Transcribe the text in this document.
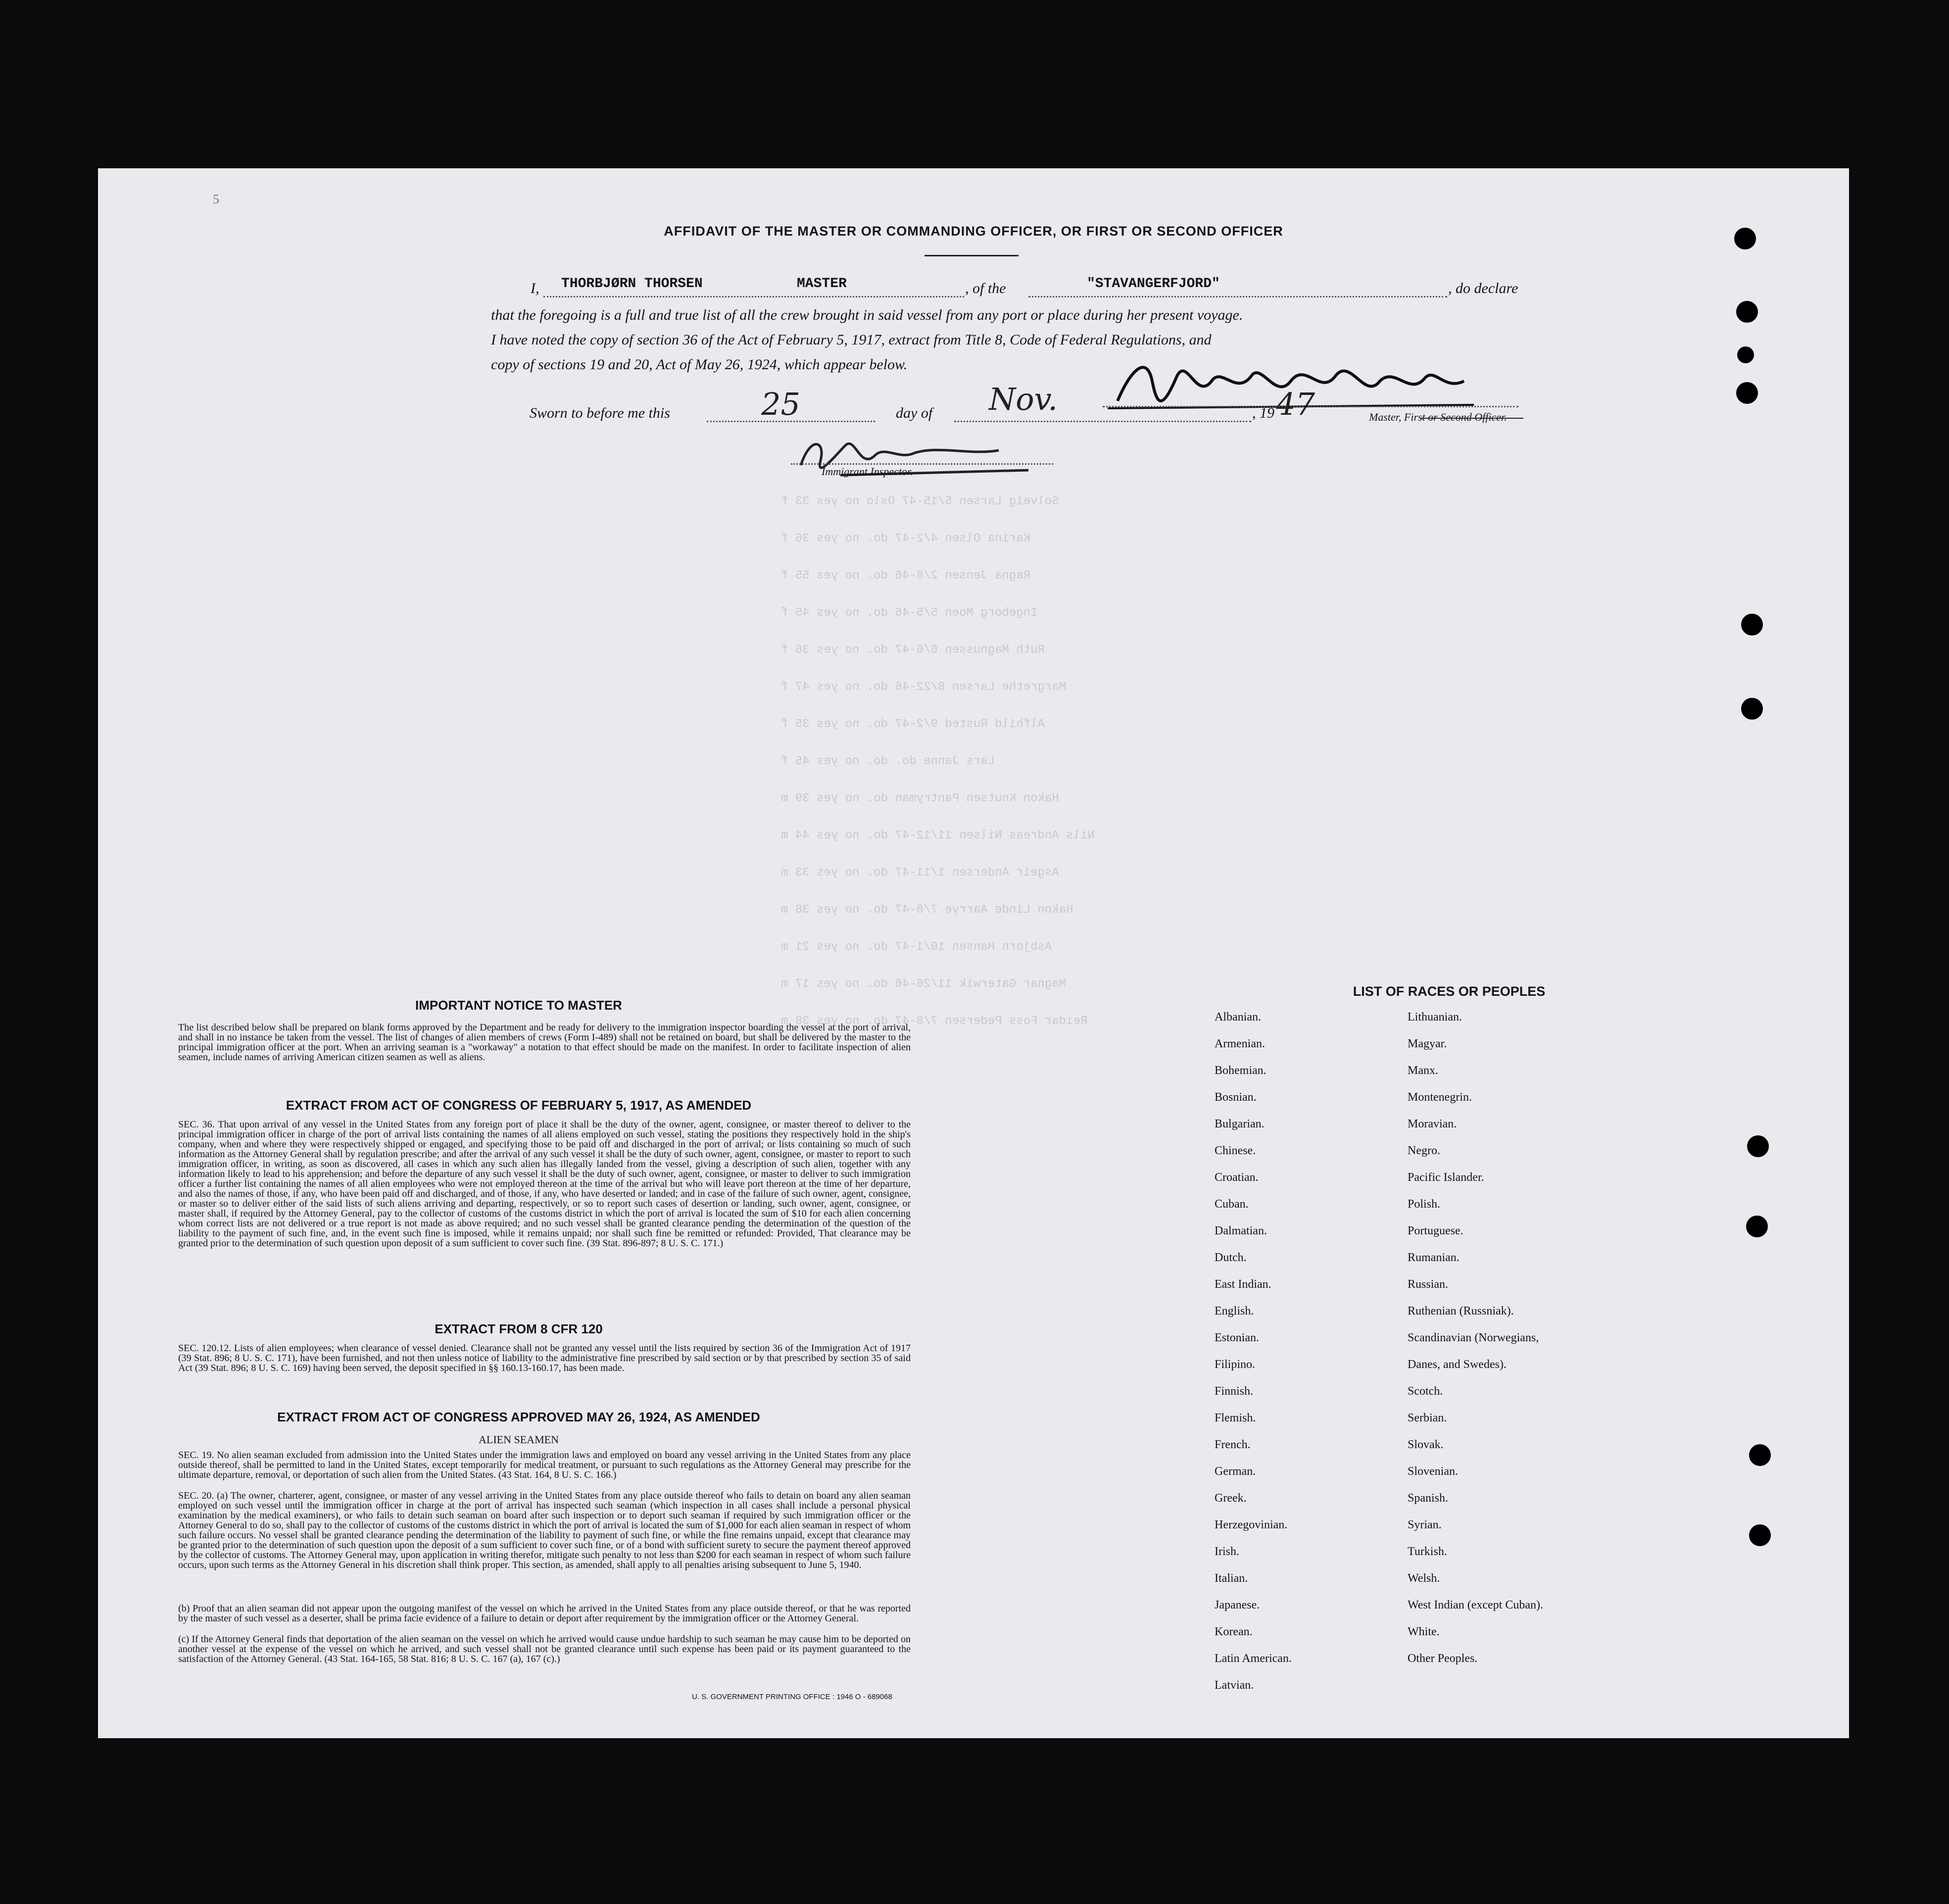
Solveig Larsen 5/15-47 Oslo no yes 33 f
Karina Olsen 4/2-47 do. no yes 36 f
Ragna Jensen 2/8-46 do. no yes 55 f
Ingeborg Moen 5/5-46 do. no yes 45 f
Ruth Magnussen 6/6-47 do. no yes 36 f
Margrethe Larsen 8/22-46 do. no yes 47 f
Alfhild Rusted 9/2-47 do. no yes 35 f
Lars Janne do. do. no yes 45 f
Hakon Knutsen Pantryman do. no yes 39 m
Nils Andreas Nilsen 11/12-47 do. no yes 44 m
Asgeir Andersen 1/11-47 do. no yes 33 m
Hakon Linde Aarrye 7/8-47 do. no yes 38 m
Asbjorn Hansen 10/1-47 do. no yes 21 m
Magnar Gaterwik 11/26-46 do. no yes 17 m
Reidar Foss Pedersen 7/8-47 do. no yes 38 m
5
AFFIDAVIT OF THE MASTER OR COMMANDING OFFICER, OR FIRST OR SECOND OFFICER
I, THORBJØRN THORSEN	MASTER	, of the	"STAVANGERFJORD"	, do declare
that the foregoing is a full and true list of all the crew brought in said vessel from any port or place during her present voyage.
I have noted the copy of section 36 of the Act of February 5, 1917, extract from Title 8, Code of Federal Regulations, and
copy of sections 19 and 20, Act of May 26, 1924, which appear below.
Master, First or Second Officer.
Sworn to before me this	25	day of Nov.	, 19 47
Immigrant Inspector.
IMPORTANT NOTICE TO MASTER
The list described below shall be prepared on blank forms approved by the Department and be ready for delivery to the immigration inspector boarding the vessel at the port of arrival, and shall in no instance be taken from the vessel. The list of changes of alien members of crews (Form I-489) shall not be retained on board, but shall be delivered by the master to the principal immigration officer at the port. When an arriving seaman is a "workaway" a notation to that effect should be made on the manifest. In order to facilitate inspection of alien seamen, include names of arriving American citizen seamen as well as aliens.
EXTRACT FROM ACT OF CONGRESS OF FEBRUARY 5, 1917, AS AMENDED
SEC. 36. That upon arrival of any vessel in the United States from any foreign port of place it shall be the duty of the owner, agent, consignee, or master thereof to deliver to the principal immigration officer in charge of the port of arrival lists containing the names of all aliens employed on such vessel, stating the positions they respectively hold in the ship's company, when and where they were respectively shipped or engaged, and specifying those to be paid off and discharged in the port of arrival; or lists containing so much of such information as the Attorney General shall by regulation prescribe; and after the arrival of any such vessel it shall be the duty of such owner, agent, consignee, or master to report to such immigration officer, in writing, as soon as discovered, all cases in which any such alien has illegally landed from the vessel, giving a description of such alien, together with any information likely to lead to his apprehension; and before the departure of any such vessel it shall be the duty of such owner, agent, consignee, or master to deliver to such immigration officer a further list containing the names of all alien employees who were not employed thereon at the time of the arrival but who will leave port thereon at the time of her departure, and also the names of those, if any, who have been paid off and discharged, and of those, if any, who have deserted or landed; and in case of the failure of such owner, agent, consignee, or master so to deliver either of the said lists of such aliens arriving and departing, respectively, or so to report such cases of desertion or landing, such owner, agent, consignee, or master shall, if required by the Attorney General, pay to the collector of customs of the customs district in which the port of arrival is located the sum of $10 for each alien concerning whom correct lists are not delivered or a true report is not made as above required; and no such vessel shall be granted clearance pending the determination of the question of the liability to the payment of such fine, and, in the event such fine is imposed, while it remains unpaid; nor shall such fine be remitted or refunded: Provided, That clearance may be granted prior to the determination of such question upon deposit of a sum sufficient to cover such fine. (39 Stat. 896-897; 8 U. S. C. 171.)
EXTRACT FROM 8 CFR 120
SEC. 120.12. Lists of alien employees; when clearance of vessel denied. Clearance shall not be granted any vessel until the lists required by section 36 of the Immigration Act of 1917 (39 Stat. 896; 8 U. S. C. 171), have been furnished, and not then unless notice of liability to the administrative fine prescribed by said section or by that prescribed by section 35 of said Act (39 Stat. 896; 8 U. S. C. 169) having been served, the deposit specified in §§ 160.13-160.17, has been made.
EXTRACT FROM ACT OF CONGRESS APPROVED MAY 26, 1924, AS AMENDED
ALIEN SEAMEN
SEC. 19. No alien seaman excluded from admission into the United States under the immigration laws and employed on board any vessel arriving in the United States from any place outside thereof, shall be permitted to land in the United States, except temporarily for medical treatment, or pursuant to such regulations as the Attorney General may prescribe for the ultimate departure, removal, or deportation of such alien from the United States. (43 Stat. 164, 8 U. S. C. 166.)
SEC. 20. (a) The owner, charterer, agent, consignee, or master of any vessel arriving in the United States from any place outside thereof who fails to detain on board any alien seaman employed on such vessel until the immigration officer in charge at the port of arrival has inspected such seaman (which inspection in all cases shall include a personal physical examination by the medical examiners), or who fails to detain such seaman on board after such inspection or to deport such seaman if required by such immigration officer or the Attorney General to do so, shall pay to the collector of customs of the customs district in which the port of arrival is located the sum of $1,000 for each alien seaman in respect of whom such failure occurs. No vessel shall be granted clearance pending the determination of the liability to payment of such fine, or while the fine remains unpaid, except that clearance may be granted prior to the determination of such question upon the deposit of a sum sufficient to cover such fine, or of a bond with sufficient surety to secure the payment thereof approved by the collector of customs. The Attorney General may, upon application in writing therefor, mitigate such penalty to not less than $200 for each seaman in respect of whom such failure occurs, upon such terms as the Attorney General in his discretion shall think proper. This section, as amended, shall apply to all penalties arising subsequent to June 5, 1940.
(b) Proof that an alien seaman did not appear upon the outgoing manifest of the vessel on which he arrived in the United States from any place outside thereof, or that he was reported by the master of such vessel as a deserter, shall be prima facie evidence of a failure to detain or deport after requirement by the immigration officer or the Attorney General.
(c) If the Attorney General finds that deportation of the alien seaman on the vessel on which he arrived would cause undue hardship to such seaman he may cause him to be deported on another vessel at the expense of the vessel on which he arrived, and such vessel shall not be granted clearance until such expense has been paid or its payment guaranteed to the satisfaction of the Attorney General. (43 Stat. 164-165, 58 Stat. 816; 8 U. S. C. 167 (a), 167 (c).)
LIST OF RACES OR PEOPLES
Albanian.
Armenian.
Bohemian.
Bosnian.
Bulgarian.
Chinese.
Croatian.
Cuban.
Dalmatian.
Dutch.
East Indian.
English.
Estonian.
Filipino.
Finnish.
Flemish.
French.
German.
Greek.
Herzegovinian.
Irish.
Italian.
Japanese.
Korean.
Latin American.
Latvian.
Lithuanian.
Magyar.
Manx.
Montenegrin.
Moravian.
Negro.
Pacific Islander.
Polish.
Portuguese.
Rumanian.
Russian.
Ruthenian (Russniak).
Scandinavian (Norwegians,
Danes, and Swedes).
Scotch.
Serbian.
Slovak.
Slovenian.
Spanish.
Syrian.
Turkish.
Welsh.
West Indian (except Cuban).
White.
Other Peoples.
U. S. GOVERNMENT PRINTING OFFICE : 1946 O - 689068
